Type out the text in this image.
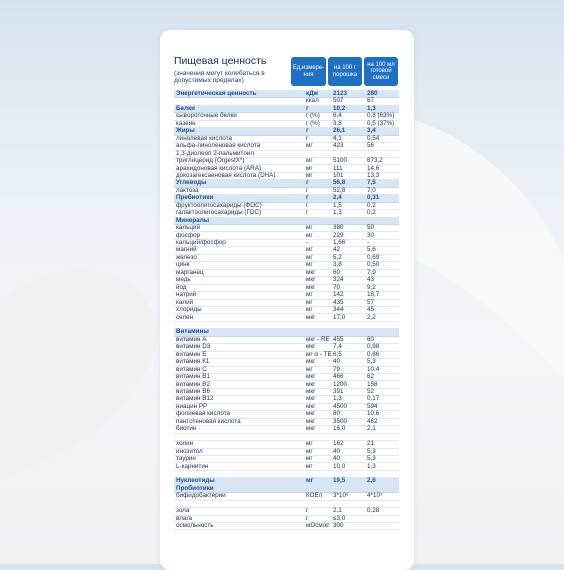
Пищевая ценность
(значения могут колебаться в допустимых пределах)
Ед.измере-ния
на 100 г порошка
на 100 мл готовой смеси
Энергетическая ценность	кДж 2123	280
ккал 507	67
Белки	г	10,2	1,3
сывороточные белки	г (%) 6,4	0,8 (63%)
казеин	г (%) 3,8	0,5 (37%)
Жиры	г	26,1	3,4
линолевая кислота	г	4,1	0,54
альфа-линоленовая кислота	мг	423	56
1,3-диолеоп 2-пальмитоил
триглицерид (OrgestX*)	мг	5100	673,2
арахидоновая кислота (ARA)	мг	111	14,6
докозагексаеновая кислота (DHA)	мг	101	13,3
Углеводы	г	56,8	7,5
лактоза	г	52,8	7,0
Пребиотики	г	2,4	0,31
фруктоолигосахариды (ФОС)	г	1,5	0,2
галактоолигосахариды (ГОС)	г	1,3	0,2
Минералы
кальций	мг	380	50
фосфор	мг	229	30
кальций/фосфор	-	1,66	-
магний	мг	42	5,6
железо	мг	5,2	0,69
цинк	мг	3,8	0,50
марганец	мкг	60	7,9
медь	мкг	324	43
йод	мкг	70	9,2
натрий	мг	142	18,7
калий	мг	435	57
хлориды	мг	344	45
селен	мкг	17,0	2,2
Витамины
витамин А	мкг - RE 455	60
витамин D3	мкг	7,4	0,98
витамин Е	мг α - TE 6,5	0,86
витамин К1	мкг	40	5,3
витамин С	мг	79	10,4
витамин В1	мкг	466	62
витамин В2	мкг	1200	158
витамин В6	мкг	391	52
витамин В12	мкг	1,3	0,17
ниацин РР	мкг	4500	594
фолиевая кислота	мкг	80	10,6
пантотеновая кислота	мкг	3500	462
биотин	мкг	16,0	2,1
холин	мг	162	21
инозитол	мг	40	5,3
таурин	мг	40	5,3
L-карнитин	мг	10,0	1,3
Нуклеотиды	мг	19,5	2,6
Пробиотики
бифидобактерии	КОЕ/г 3*10⁶	4*10⁵
зола	г	2,1	0,28
влага	г	≤3,0
осмольность	мОсм/кг 300
